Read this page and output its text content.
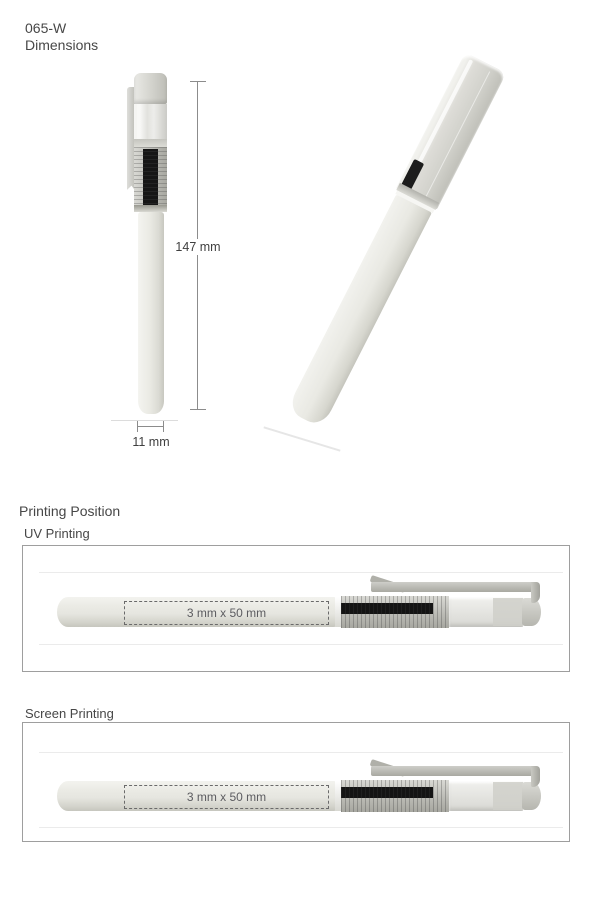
065-W
Dimensions
147 mm
11 mm
Printing Position
UV Printing
3 mm x 50 mm
Screen Printing
3 mm x 50 mm
